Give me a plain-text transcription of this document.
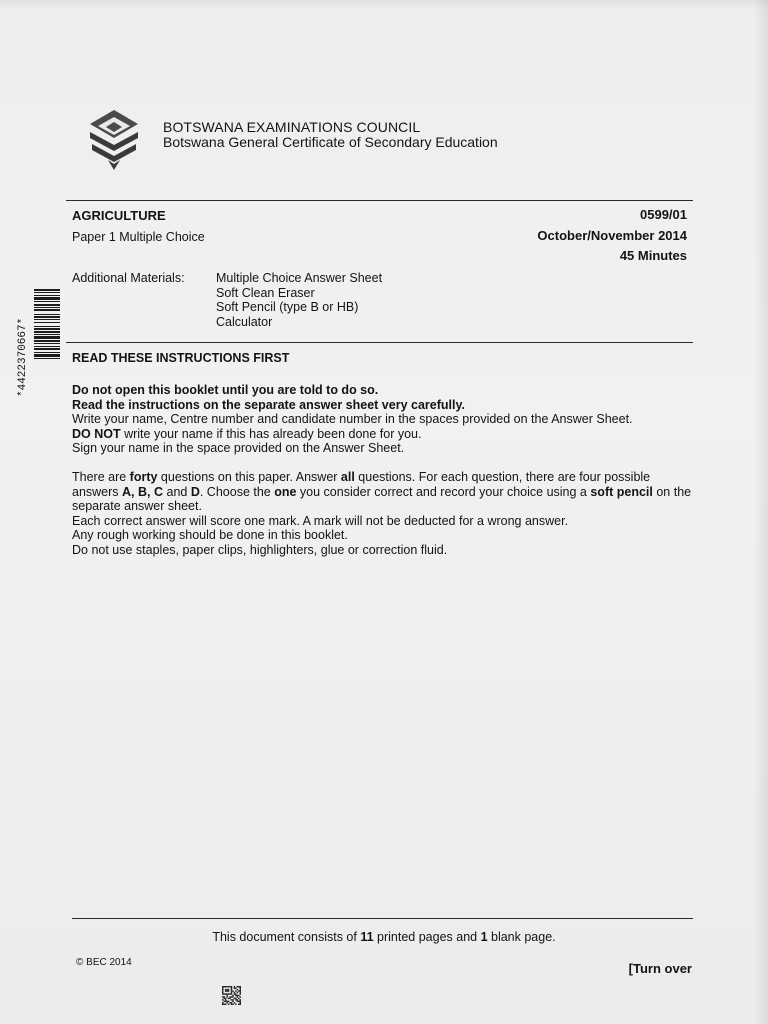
BOTSWANA EXAMINATIONS COUNCIL
Botswana General Certificate of Secondary Education
AGRICULTURE
Paper 1 Multiple Choice
0599/01
October/November 2014
45 Minutes
Additional Materials:	Multiple Choice Answer Sheet
Soft Clean Eraser
Soft Pencil (type B or HB)
Calculator
*4422370667*	READ THESE INSTRUCTIONS FIRST

Do not open this booklet until you are told to do so.

Read the instructions on the separate answer sheet very carefully.

Write your name, Centre number and candidate number in the spaces provided on the Answer Sheet.

DO NOT write your name if this has already been done for you.

Sign your name in the space provided on the Answer Sheet.

There are forty questions on this paper. Answer all questions. For each question, there are four possible answers A, B, C and D. Choose the one you consider correct and record your choice using a soft pencil on the separate answer sheet.

Each correct answer will score one mark. A mark will not be deducted for a wrong answer.

Any rough working should be done in this booklet.

Do not use staples, paper clips, highlighters, glue or correction fluid.

This document consists of 11 printed pages and 1 blank page.
© BEC 2014	[Turn over
